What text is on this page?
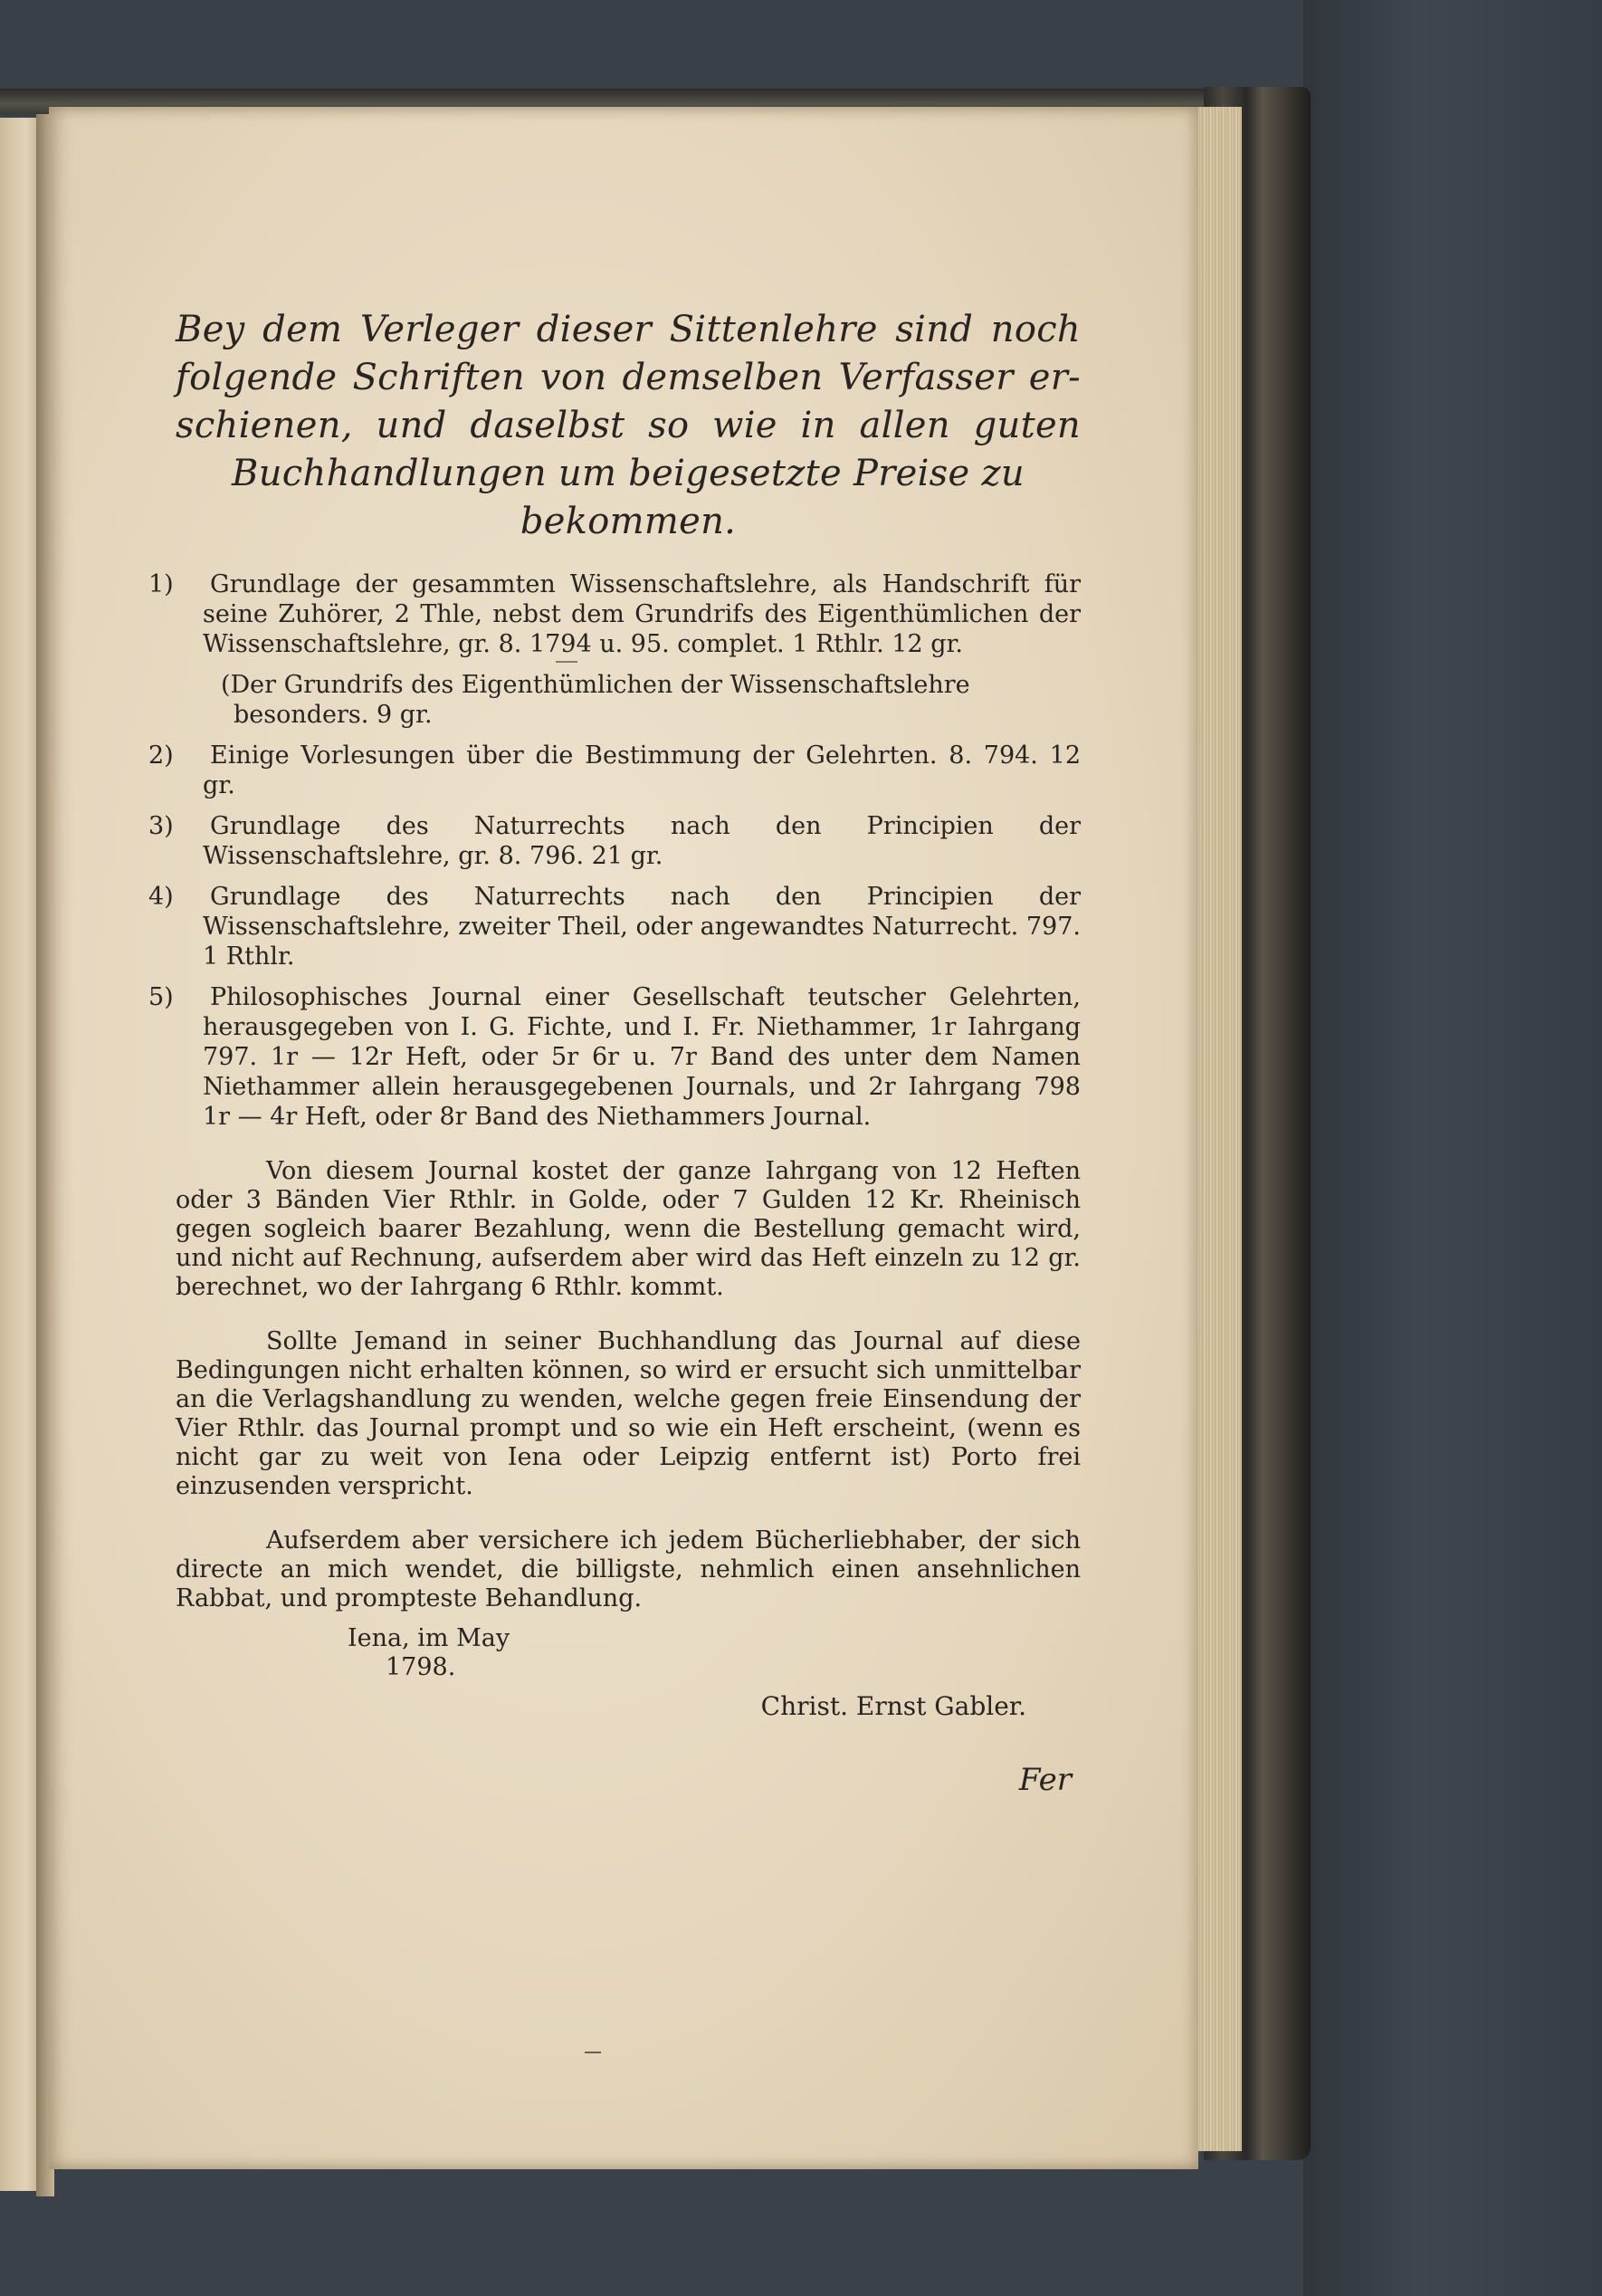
Bey dem Verleger dieser Sittenlehre sind noch
folgende Schriften von demselben Verfasser er-
schienen, und daselbst so wie in allen guten
Buchhandlungen um beigesetzte Preise zu
bekommen.
1) Grundlage der gesammten Wissenschaftslehre, als Handschrift für seine Zuhörer, 2 Thle, nebst dem Grundrifs des Eigenthümlichen der Wissenschaftslehre, gr. 8. 1794 u. 95. complet. 1 Rthlr. 12 gr.
(Der Grundrifs des Eigenthümlichen der Wissenschaftslehre besonders. 9 gr.
2) Einige Vorlesungen über die Bestimmung der Gelehrten. 8. 794. 12 gr.
3) Grundlage des Naturrechts nach den Principien der Wissenschaftslehre, gr. 8. 796. 21 gr.
4) Grundlage des Naturrechts nach den Principien der Wissenschaftslehre, zweiter Theil, oder angewandtes Naturrecht. 797. 1 Rthlr.
5) Philosophisches Journal einer Gesellschaft teutscher Gelehrten, herausgegeben von I. G. Fichte, und I. Fr. Niethammer, 1r Iahrgang 797. 1r — 12r Heft, oder 5r 6r u. 7r Band des unter dem Namen Niethammer allein herausgegebenen Journals, und 2r Iahrgang 798 1r — 4r Heft, oder 8r Band des Niethammers Journal.

Von diesem Journal kostet der ganze Iahrgang von 12 Heften oder 3 Bänden Vier Rthlr. in Golde, oder 7 Gulden 12 Kr. Rheinisch gegen sogleich baarer Bezahlung, wenn die Bestellung gemacht wird, und nicht auf Rechnung, aufserdem aber wird das Heft einzeln zu 12 gr. berechnet, wo der Iahrgang 6 Rthlr. kommt.

Sollte Jemand in seiner Buchhandlung das Journal auf diese Bedingungen nicht erhalten können, so wird er ersucht sich unmittelbar an die Verlagshandlung zu wenden, welche gegen freie Einsendung der Vier Rthlr. das Journal prompt und so wie ein Heft erscheint, (wenn es nicht gar zu weit von Iena oder Leipzig entfernt ist) Porto frei einzusenden verspricht.

Aufserdem aber versichere ich jedem Bücherliebhaber, der sich directe an mich wendet, die billigste, nehmlich einen ansehnlichen Rabbat, und prompteste Behandlung.

Iena, im May
1798.
Christ. Ernst Gabler.
Fer
